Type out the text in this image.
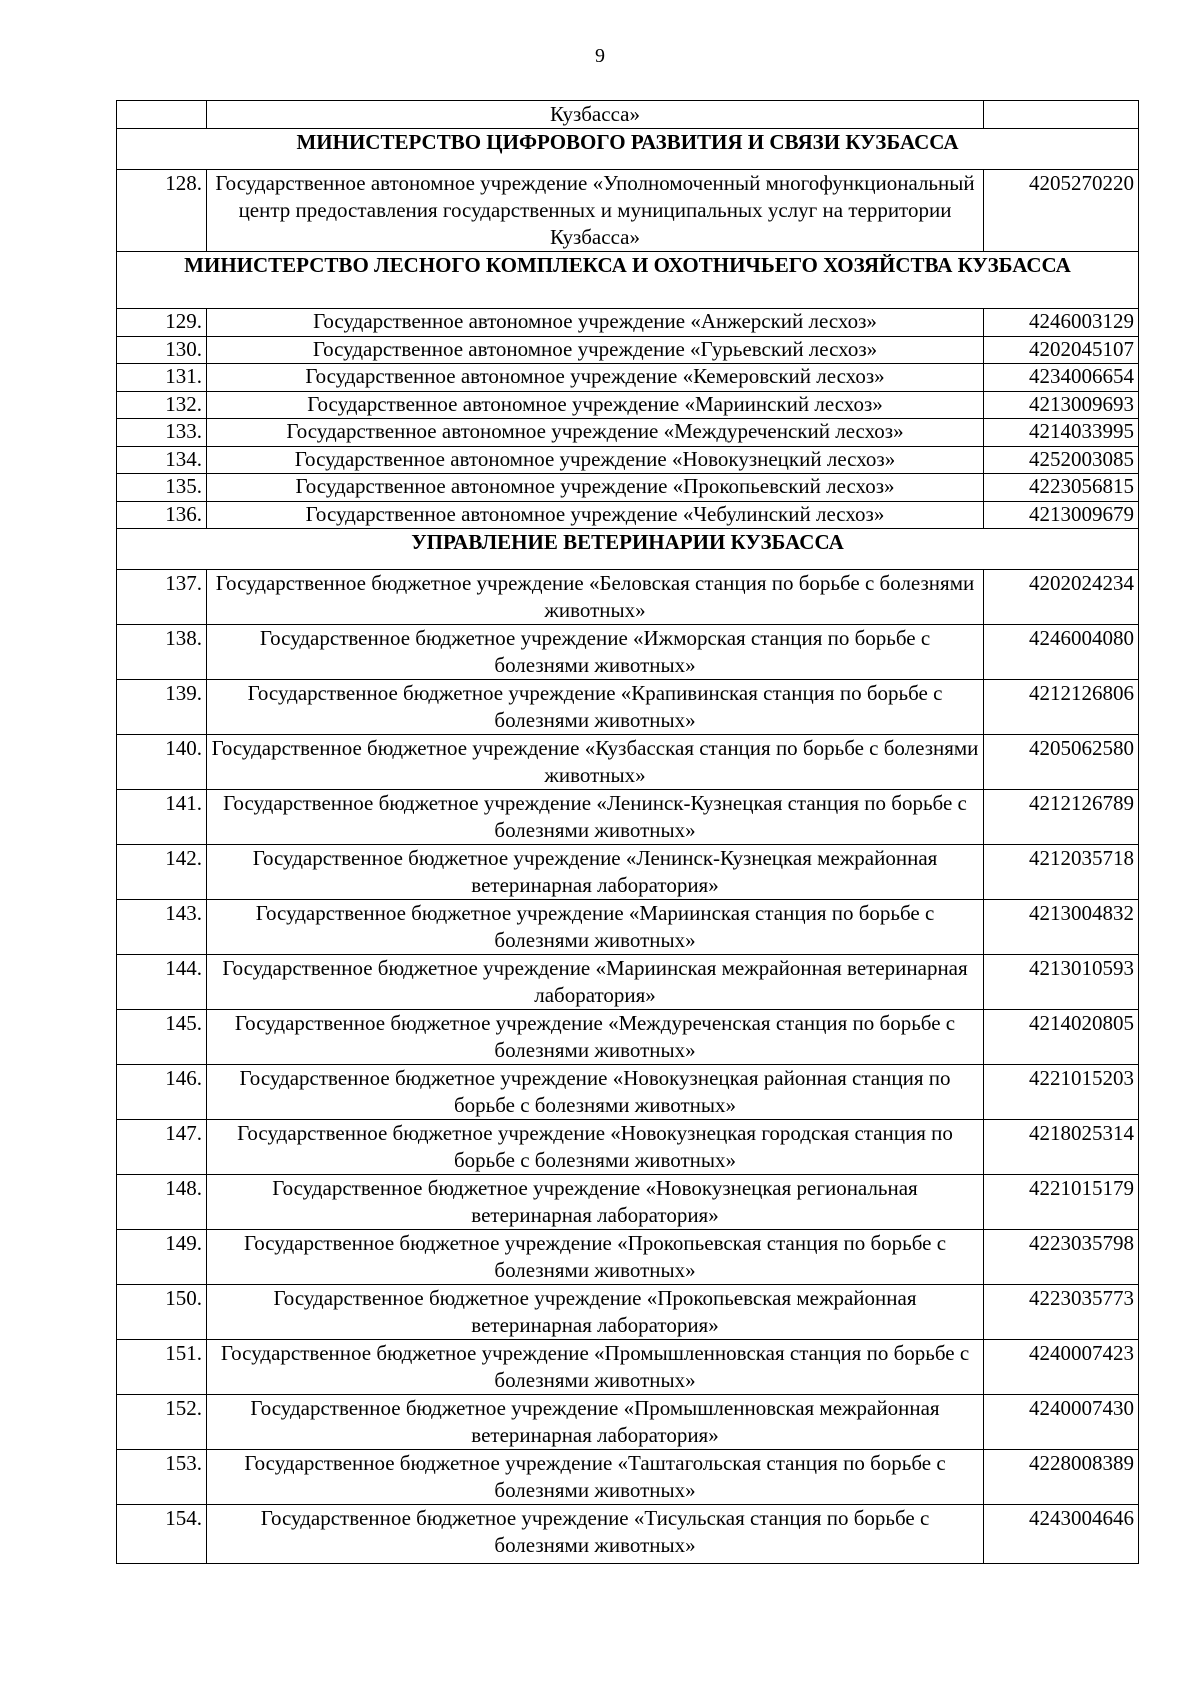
9
	Кузбасса»	
МИНИСТЕРСТВО ЦИФРОВОГО РАЗВИТИЯ И СВЯЗИ КУЗБАССА		
128.	Государственное автономное учреждение «Уполномоченный многофункциональный центр предоставления государственных и муниципальных услуг на территории Кузбасса»	4205270220
МИНИСТЕРСТВО ЛЕСНОГО КОМПЛЕКСА И ОХОТНИЧЬЕГО ХОЗЯЙСТВА КУЗБАССА		
129.	Государственное автономное учреждение «Анжерский лесхоз»	4246003129
130.	Государственное автономное учреждение «Гурьевский лесхоз»	4202045107
131.	Государственное автономное учреждение «Кемеровский лесхоз»	4234006654
132.	Государственное автономное учреждение «Мариинский лесхоз»	4213009693
133.	Государственное автономное учреждение «Междуреченский лесхоз»	4214033995
134.	Государственное автономное учреждение «Новокузнецкий лесхоз»	4252003085
135.	Государственное автономное учреждение «Прокопьевский лесхоз»	4223056815
136.	Государственное автономное учреждение «Чебулинский лесхоз»	4213009679
УПРАВЛЕНИЕ ВЕТЕРИНАРИИ КУЗБАССА		
137.	Государственное бюджетное учреждение «Беловская станция по борьбе с болезнями животных»	4202024234
138.	Государственное бюджетное учреждение «Ижморская станция по борьбе с болезнями животных»	4246004080
139.	Государственное бюджетное учреждение «Крапивинская станция по борьбе с болезнями животных»	4212126806
140.	Государственное бюджетное учреждение «Кузбасская станция по борьбе с болезнями животных»	4205062580
141.	Государственное бюджетное учреждение «Ленинск-Кузнецкая станция по борьбе с болезнями животных»	4212126789
142.	Государственное бюджетное учреждение «Ленинск-Кузнецкая межрайонная ветеринарная лаборатория»	4212035718
143.	Государственное бюджетное учреждение «Мариинская станция по борьбе с болезнями животных»	4213004832
144.	Государственное бюджетное учреждение «Мариинская межрайонная ветеринарная лаборатория»	4213010593
145.	Государственное бюджетное учреждение «Междуреченская станция по борьбе с болезнями животных»	4214020805
146.	Государственное бюджетное учреждение «Новокузнецкая районная станция по борьбе с болезнями животных»	4221015203
147.	Государственное бюджетное учреждение «Новокузнецкая городская станция по борьбе с болезнями животных»	4218025314
148.	Государственное бюджетное учреждение «Новокузнецкая региональная ветеринарная лаборатория»	4221015179
149.	Государственное бюджетное учреждение «Прокопьевская станция по борьбе с болезнями животных»	4223035798
150.	Государственное бюджетное учреждение «Прокопьевская межрайонная ветеринарная лаборатория»	4223035773
151.	Государственное бюджетное учреждение «Промышленновская станция по борьбе с болезнями животных»	4240007423
152.	Государственное бюджетное учреждение «Промышленновская межрайонная ветеринарная лаборатория»	4240007430
153.	Государственное бюджетное учреждение «Таштагольская станция по борьбе с болезнями животных»	4228008389
154.	Государственное бюджетное учреждение «Тисульская станция по борьбе с болезнями животных»	4243004646
